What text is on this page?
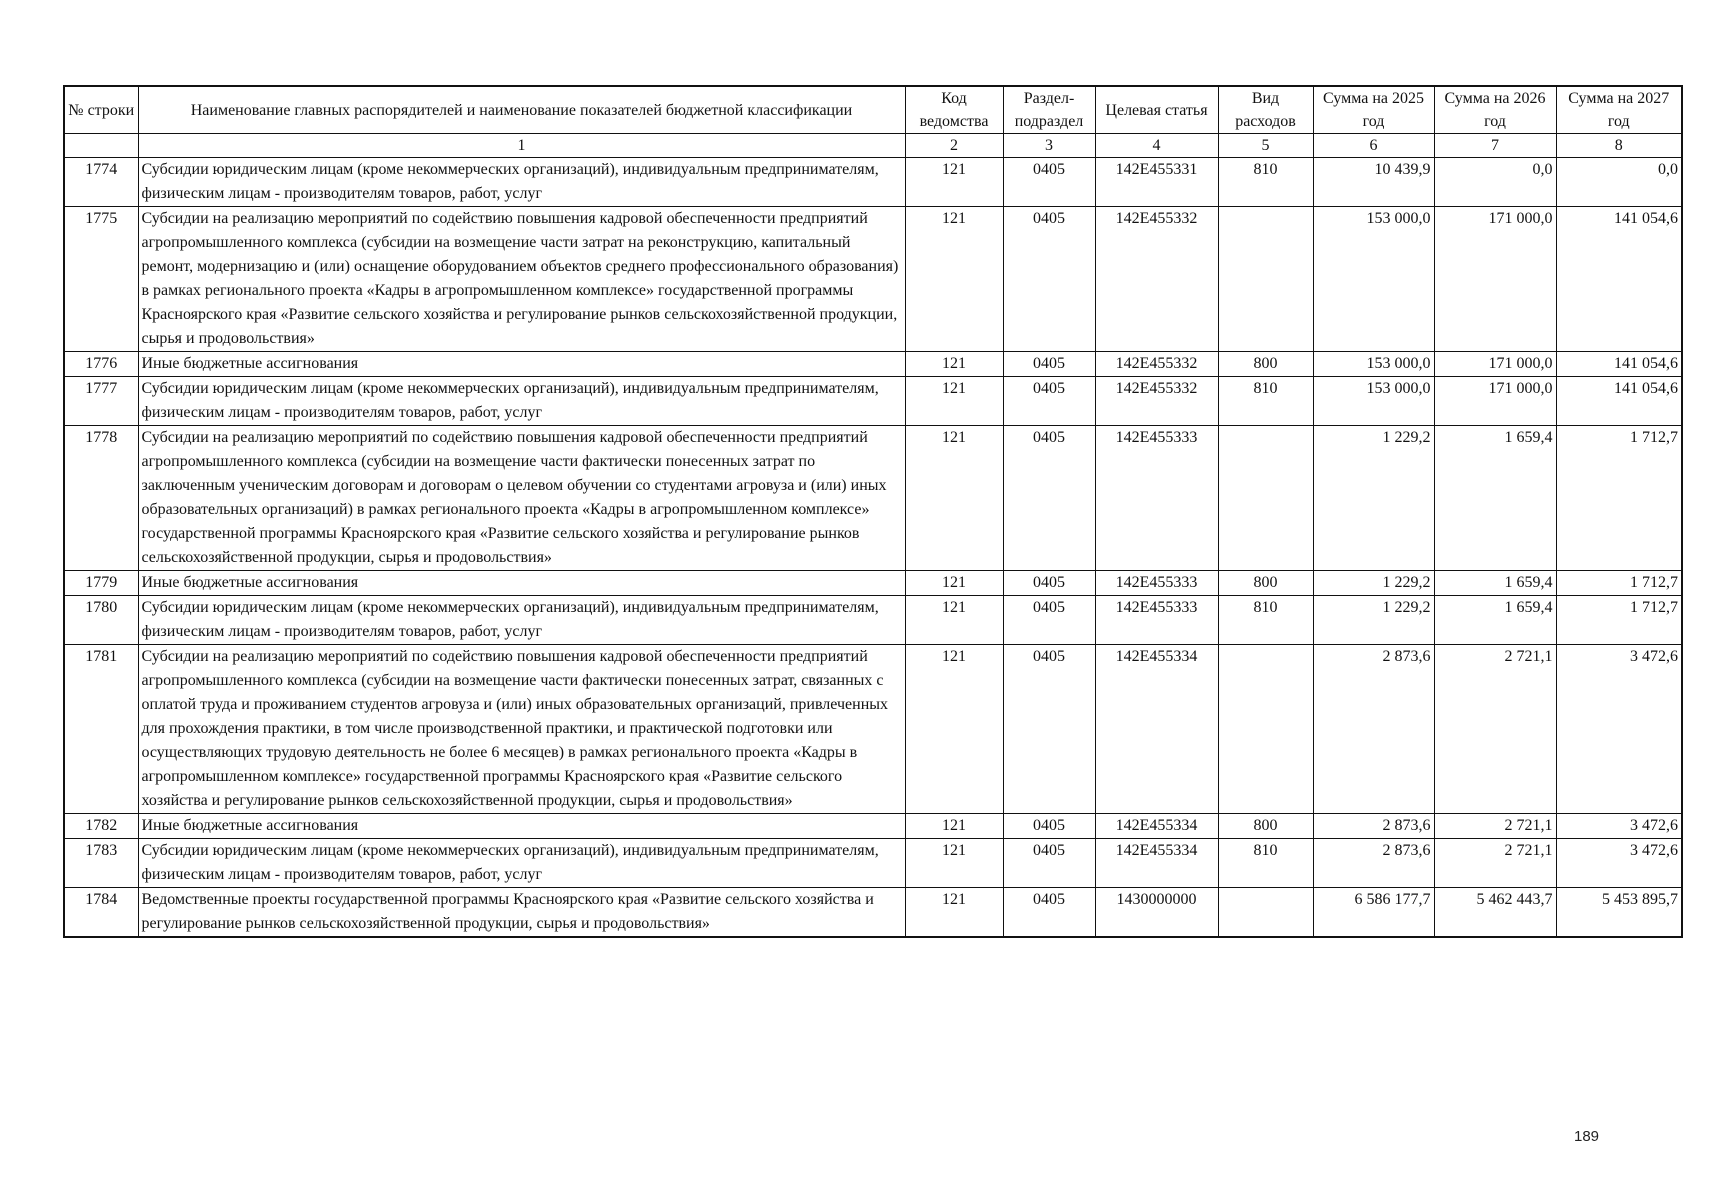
№ строки	Наименование главных распорядителей и наименование показателей бюджетной классификации	Код ведомства	Раздел- подраздел	Целевая статья	Вид расходов	Сумма на 2025 год	Сумма на 2026 год	Сумма на 2027 год
	1	2	3	4	5	6	7	8
1774	Субсидии юридическим лицам (кроме некоммерческих организаций), индивидуальным предпринимателям, физическим лицам - производителям товаров, работ, услуг	121	0405	142E455331	810	10 439,9	0,0	0,0
1775	Субсидии на реализацию мероприятий по содействию повышения кадровой обеспеченности предприятий агропромышленного комплекса (субсидии на возмещение части затрат на реконструкцию, капитальный ремонт, модернизацию и (или) оснащение оборудованием объектов среднего профессионального образования) в рамках регионального проекта «Кадры в агропромышленном комплексе» государственной программы Красноярского края «Развитие сельского хозяйства и регулирование рынков сельскохозяйственной продукции, сырья и продовольствия»	121	0405	142E455332		153 000,0	171 000,0	141 054,6
1776	Иные бюджетные ассигнования	121	0405	142E455332	800	153 000,0	171 000,0	141 054,6
1777	Субсидии юридическим лицам (кроме некоммерческих организаций), индивидуальным предпринимателям, физическим лицам - производителям товаров, работ, услуг	121	0405	142E455332	810	153 000,0	171 000,0	141 054,6
1778	Субсидии на реализацию мероприятий по содействию повышения кадровой обеспеченности предприятий агропромышленного комплекса (субсидии на возмещение части фактически понесенных затрат по заключенным ученическим договорам и договорам о целевом обучении со студентами агровуза и (или) иных образовательных организаций) в рамках регионального проекта «Кадры в агропромышленном комплексе» государственной программы Красноярского края «Развитие сельского хозяйства и регулирование рынков сельскохозяйственной продукции, сырья и продовольствия»	121	0405	142E455333		1 229,2	1 659,4	1 712,7
1779	Иные бюджетные ассигнования	121	0405	142E455333	800	1 229,2	1 659,4	1 712,7
1780	Субсидии юридическим лицам (кроме некоммерческих организаций), индивидуальным предпринимателям, физическим лицам - производителям товаров, работ, услуг	121	0405	142E455333	810	1 229,2	1 659,4	1 712,7
1781	Субсидии на реализацию мероприятий по содействию повышения кадровой обеспеченности предприятий агропромышленного комплекса (субсидии на возмещение части фактически понесенных затрат, связанных с оплатой труда и проживанием студентов агровуза и (или) иных образовательных организаций, привлеченных для прохождения практики, в том числе производственной практики, и практической подготовки или осуществляющих трудовую деятельность не более 6 месяцев) в рамках регионального проекта «Кадры в агропромышленном комплексе» государственной программы Красноярского края «Развитие сельского хозяйства и регулирование рынков сельскохозяйственной продукции, сырья и продовольствия»	121	0405	142E455334		2 873,6	2 721,1	3 472,6
1782	Иные бюджетные ассигнования	121	0405	142E455334	800	2 873,6	2 721,1	3 472,6
1783	Субсидии юридическим лицам (кроме некоммерческих организаций), индивидуальным предпринимателям, физическим лицам - производителям товаров, работ, услуг	121	0405	142E455334	810	2 873,6	2 721,1	3 472,6
1784	Ведомственные проекты государственной программы Красноярского края «Развитие сельского хозяйства и регулирование рынков сельскохозяйственной продукции, сырья и продовольствия»	121	0405	1430000000		6 586 177,7	5 462 443,7	5 453 895,7
189
